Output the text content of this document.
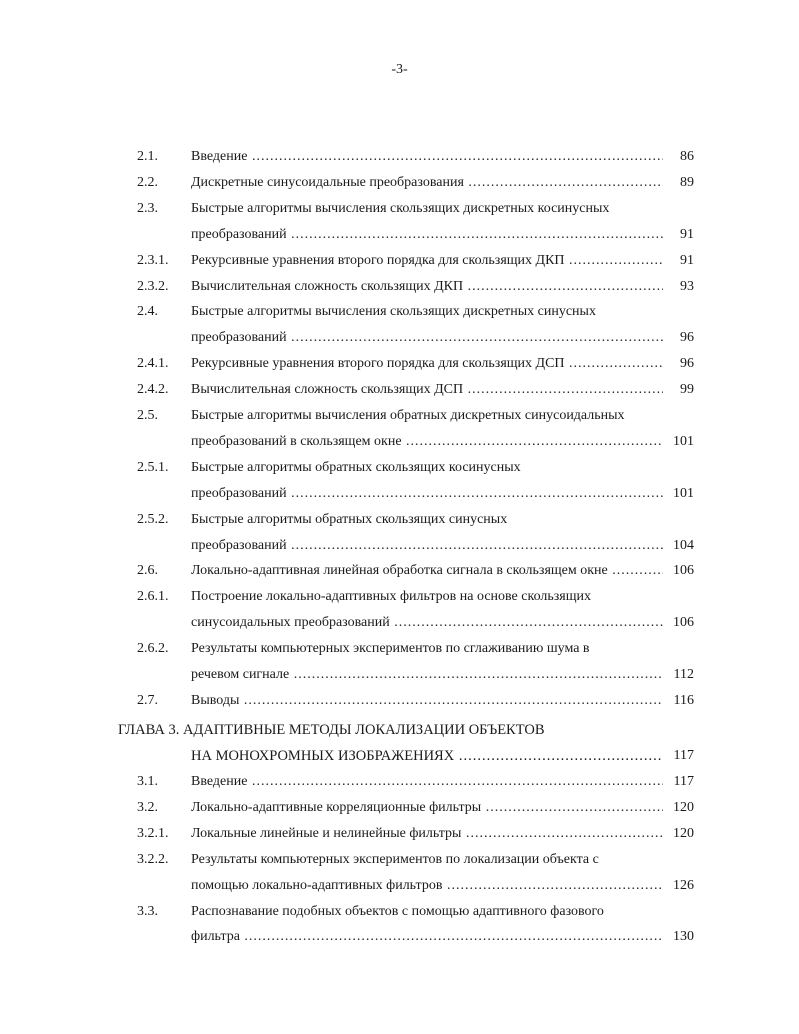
-3-
2.1. Введение .....	86
2.2. Дискретные синусоидальные преобразования .....	89
2.3. Быстрые алгоритмы вычисления скользящих дискретных косинусных
преобразований .....	91
2.3.1. Рекурсивные уравнения второго порядка для скользящих ДКП .....	91
2.3.2. Вычислительная сложность скользящих ДКП .....	93
2.4. Быстрые алгоритмы вычисления скользящих дискретных синусных
преобразований .....	96
2.4.1. Рекурсивные уравнения второго порядка для скользящих ДСП .....	96
2.4.2. Вычислительная сложность скользящих ДСП .....	99
2.5. Быстрые алгоритмы вычисления обратных дискретных синусоидальных
преобразований в скользящем окне .....	101
2.5.1. Быстрые алгоритмы обратных скользящих косинусных
преобразований .....	101
2.5.2. Быстрые алгоритмы обратных скользящих синусных
преобразований .....	104
2.6. Локально-адаптивная линейная обработка сигнала в скользящем окне .....	106
2.6.1. Построение локально-адаптивных фильтров на основе скользящих
синусоидальных преобразований .....	106
2.6.2. Результаты компьютерных экспериментов по сглаживанию шума в
речевом сигнале .....	112
2.7. Выводы .....	116
ГЛАВА 3. АДАПТИВНЫЕ МЕТОДЫ ЛОКАЛИЗАЦИИ ОБЪЕКТОВ
НА МОНОХРОМНЫХ ИЗОБРАЖЕНИЯХ .....	117
3.1. Введение .....	117
3.2. Локально-адаптивные корреляционные фильтры .....	120
3.2.1. Локальные линейные и нелинейные фильтры .....	120
3.2.2. Результаты компьютерных экспериментов по локализации объекта с
помощью локально-адаптивных фильтров .....	126
3.3. Распознавание подобных объектов с помощью адаптивного фазового
фильтра .....	130
